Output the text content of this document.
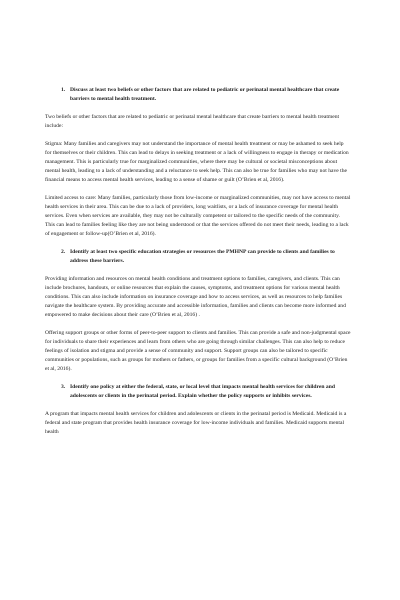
1. Discuss at least two beliefs or other factors that are related to pediatric or perinatal mental healthcare that create barriers to mental health treatment.

Two beliefs or other factors that are related to pediatric or perinatal mental healthcare that create barriers to mental health treatment include:

Stigma: Many families and caregivers may not understand the importance of mental health treatment or may be ashamed to seek help for themselves or their children. This can lead to delays in seeking treatment or a lack of willingness to engage in therapy or medication management. This is particularly true for marginalized communities, where there may be cultural or societal misconceptions about mental health, leading to a lack of understanding and a reluctance to seek help. This can also be true for families who may not have the financial means to access mental health services, leading to a sense of shame or guilt (O’Brien et al, 2016).

Limited access to care: Many families, particularly those from low-income or marginalized communities, may not have access to mental health services in their area. This can be due to a lack of providers, long waitlists, or a lack of insurance coverage for mental health services. Even when services are available, they may not be culturally competent or tailored to the specific needs of the community. This can lead to families feeling like they are not being understood or that the services offered do not meet their needs, leading to a lack of engagement or follow-up(O’Brien et al, 2016).

2. Identify at least two specific education strategies or resources the PMHNP can provide to clients and families to address these barriers.

Providing information and resources on mental health conditions and treatment options to families, caregivers, and clients. This can include brochures, handouts, or online resources that explain the causes, symptoms, and treatment options for various mental health conditions. This can also include information on insurance coverage and how to access services, as well as resources to help families navigate the healthcare system. By providing accurate and accessible information, families and clients can become more informed and empowered to make decisions about their care (O’Brien et al, 2016) .

Offering support groups or other forms of peer-to-peer support to clients and families. This can provide a safe and non-judgmental space for individuals to share their experiences and learn from others who are going through similar challenges. This can also help to reduce feelings of isolation and stigma and provide a sense of community and support. Support groups can also be tailored to specific communities or populations, such as groups for mothers or fathers, or groups for families from a specific cultural background (O’Brien et al, 2016).

3. Identify one policy at either the federal, state, or local level that impacts mental health services for children and adolescents or clients in the perinatal period. Explain whether the policy supports or inhibits services.

A program that impacts mental health services for children and adolescents or clients in the perinatal period is Medicaid. Medicaid is a federal and state program that provides health insurance coverage for low-income individuals and families. Medicaid supports mental health
